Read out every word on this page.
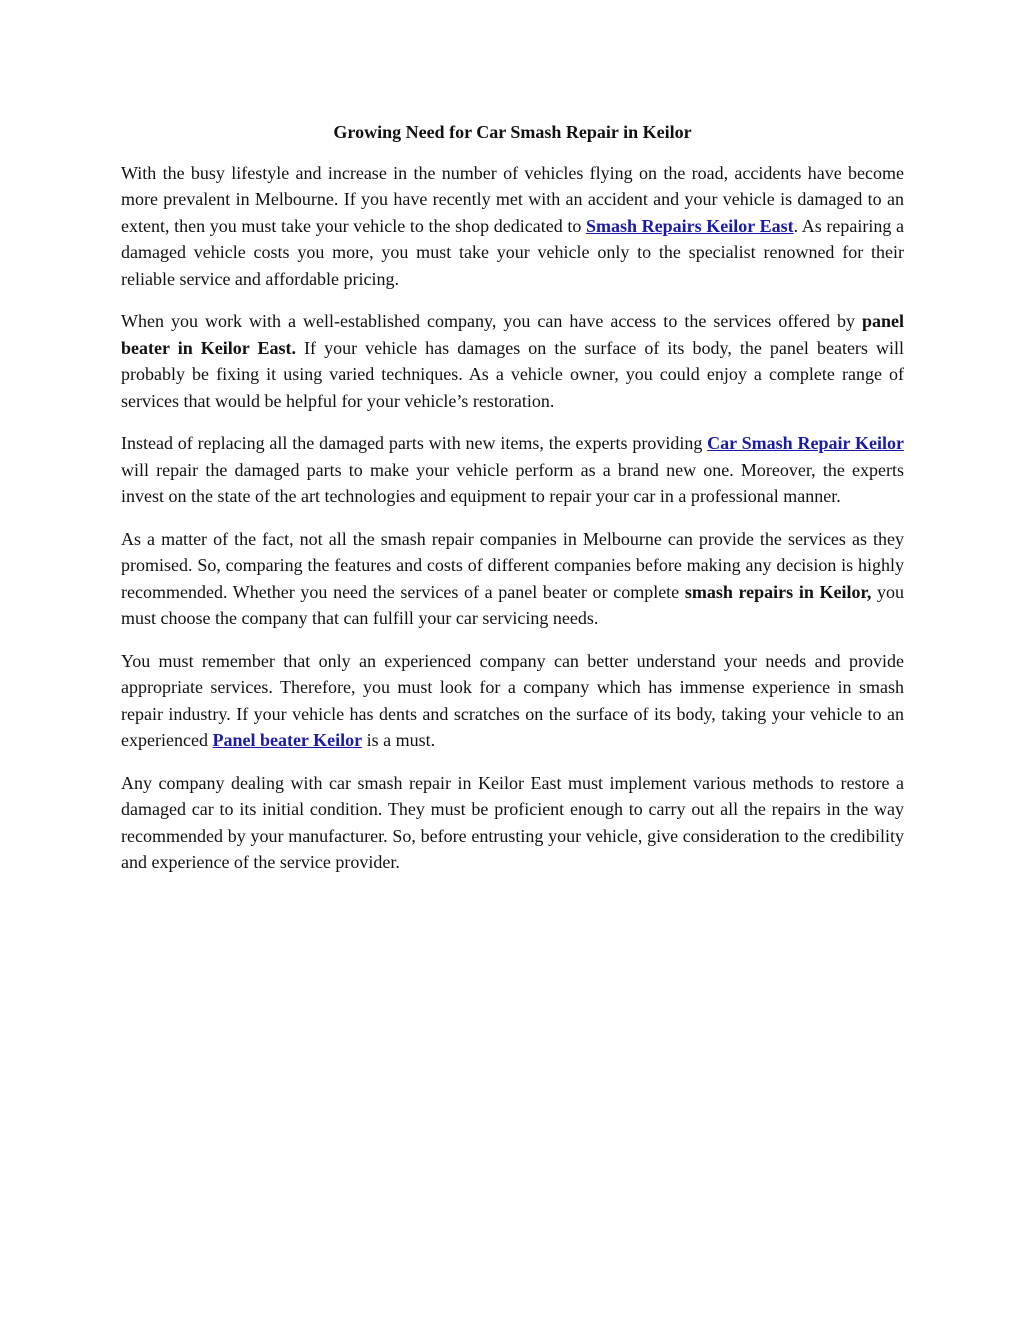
Growing Need for Car Smash Repair in Keilor

With the busy lifestyle and increase in the number of vehicles flying on the road, accidents have become more prevalent in Melbourne. If you have recently met with an accident and your vehicle is damaged to an extent, then you must take your vehicle to the shop dedicated to Smash Repairs Keilor East. As repairing a damaged vehicle costs you more, you must take your vehicle only to the specialist renowned for their reliable service and affordable pricing.

When you work with a well-established company, you can have access to the services offered by panel beater in Keilor East. If your vehicle has damages on the surface of its body, the panel beaters will probably be fixing it using varied techniques. As a vehicle owner, you could enjoy a complete range of services that would be helpful for your vehicle’s restoration.

Instead of replacing all the damaged parts with new items, the experts providing Car Smash Repair Keilor will repair the damaged parts to make your vehicle perform as a brand new one. Moreover, the experts invest on the state of the art technologies and equipment to repair your car in a professional manner.

As a matter of the fact, not all the smash repair companies in Melbourne can provide the services as they promised. So, comparing the features and costs of different companies before making any decision is highly recommended. Whether you need the services of a panel beater or complete smash repairs in Keilor, you must choose the company that can fulfill your car servicing needs.

You must remember that only an experienced company can better understand your needs and provide appropriate services. Therefore, you must look for a company which has immense experience in smash repair industry. If your vehicle has dents and scratches on the surface of its body, taking your vehicle to an experienced Panel beater Keilor is a must.

Any company dealing with car smash repair in Keilor East must implement various methods to restore a damaged car to its initial condition. They must be proficient enough to carry out all the repairs in the way recommended by your manufacturer. So, before entrusting your vehicle, give consideration to the credibility and experience of the service provider.
